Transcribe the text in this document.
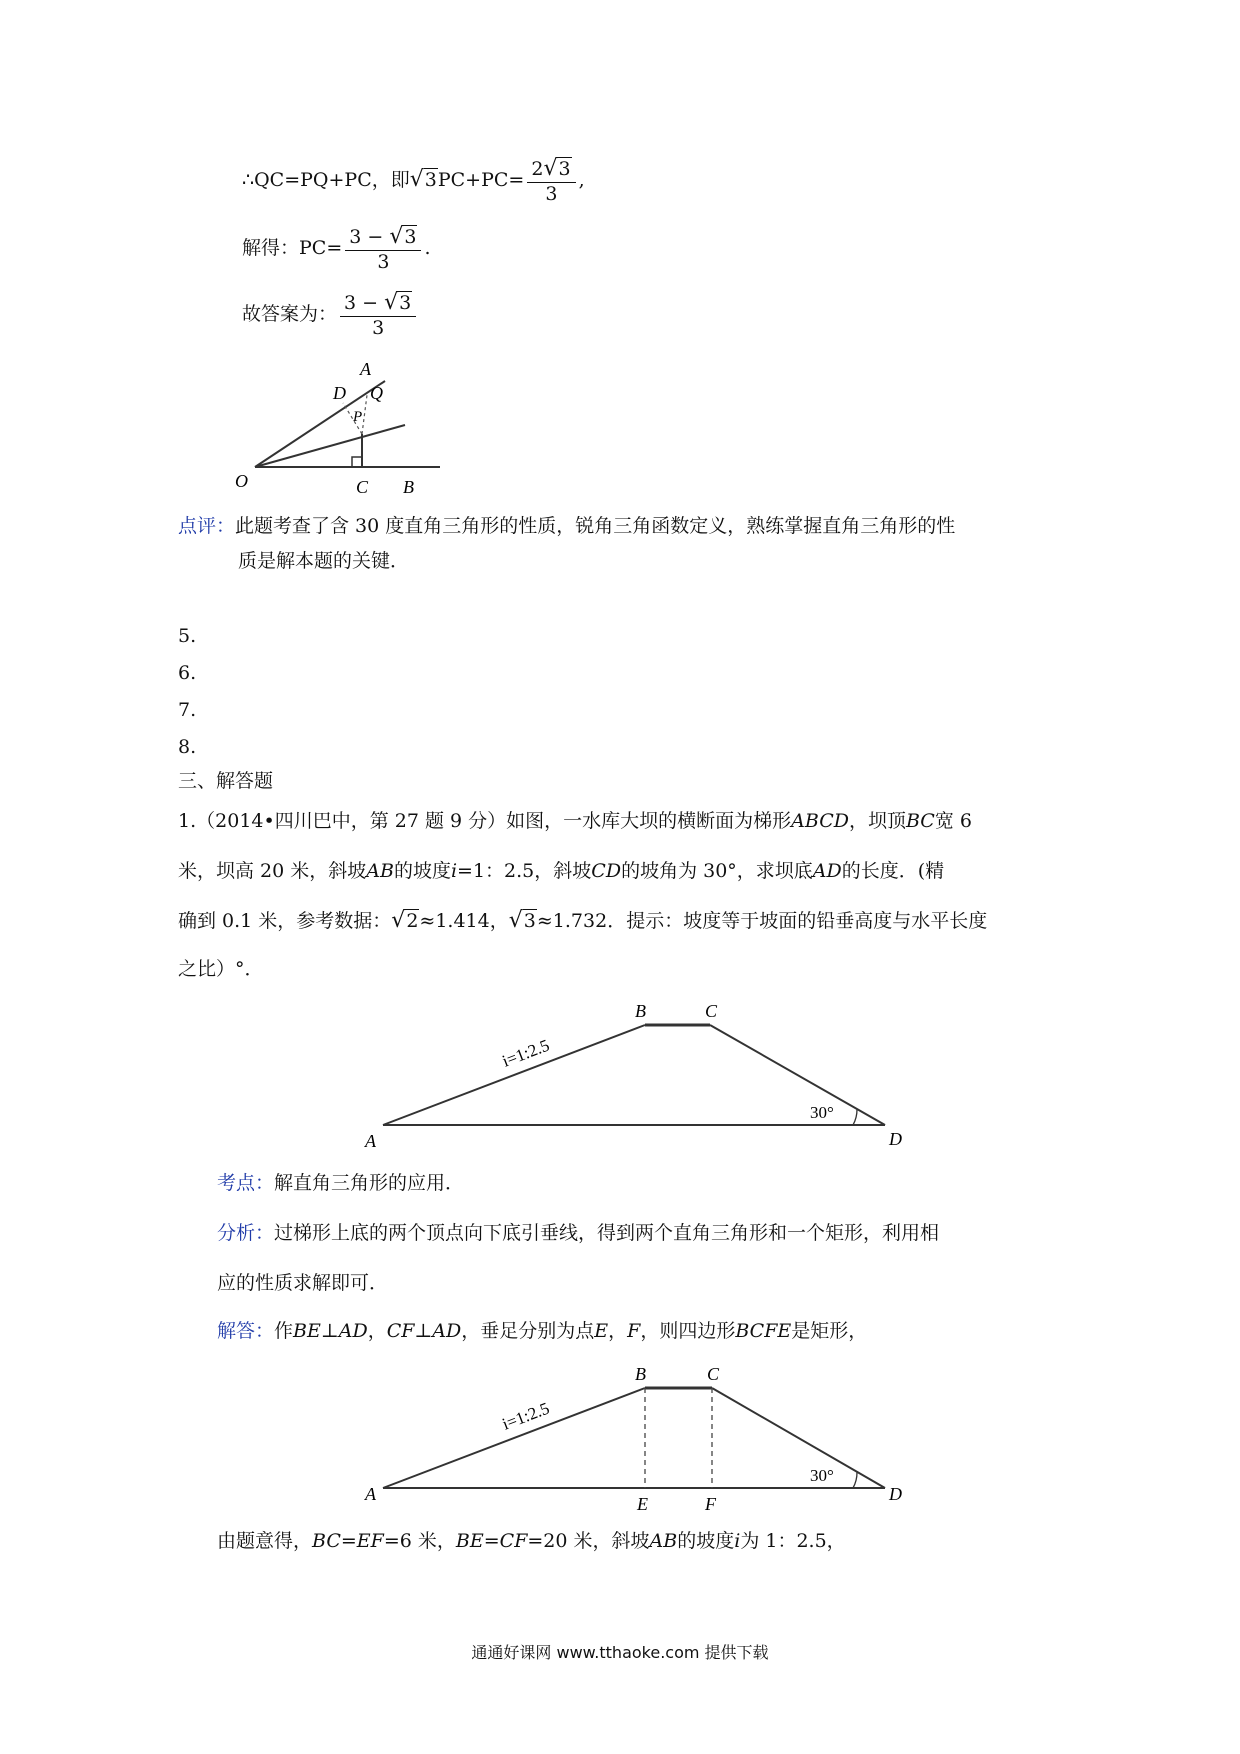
∴QC=PQ+PC，即$√3PC+PC= \frac{2√3}{3}$ ,
解得：$PC= \frac{3 - √3}{3}$ .
故答案为： $\frac{3 - √3}{3}$
A
D Q
P
O	C B
点评：此题考查了含 30 度直角三角形的性质，锐角三角函数定义，熟练掌握直角三角形的性
质是解本题的关键．
5.
6.
7.
8.
三、解答题
1.（2014•四川巴中，第 27 题 9 分）如图，一水库大坝的横断面为梯形ABCD，坝顶BC宽 6
米，坝高 20 米，斜坡AB的坡度i=1：2.5，斜坡CD的坡角为 30°，求坝底AD的长度．(精
确到 0.1 米，参考数据：√2≈1.414，√3≈1.732．提示：坡度等于坡面的铅垂高度与水平长度
之比）°．
A
B	C
D
i=1:2.5
30°
考点：解直角三角形的应用．
分析：过梯形上底的两个顶点向下底引垂线，得到两个直角三角形和一个矩形，利用相
应的性质求解即可．
解答：作BE⊥AD，CF⊥AD，垂足分别为点E，F，则四边形BCFE是矩形，
A
B	C
D
E	F
i=1:2.5
30°
由题意得，BC=EF=6 米，BE=CF=20 米，斜坡AB的坡度i为 1：2.5，
通通好课网 www.tthaoke.com 提供下载
